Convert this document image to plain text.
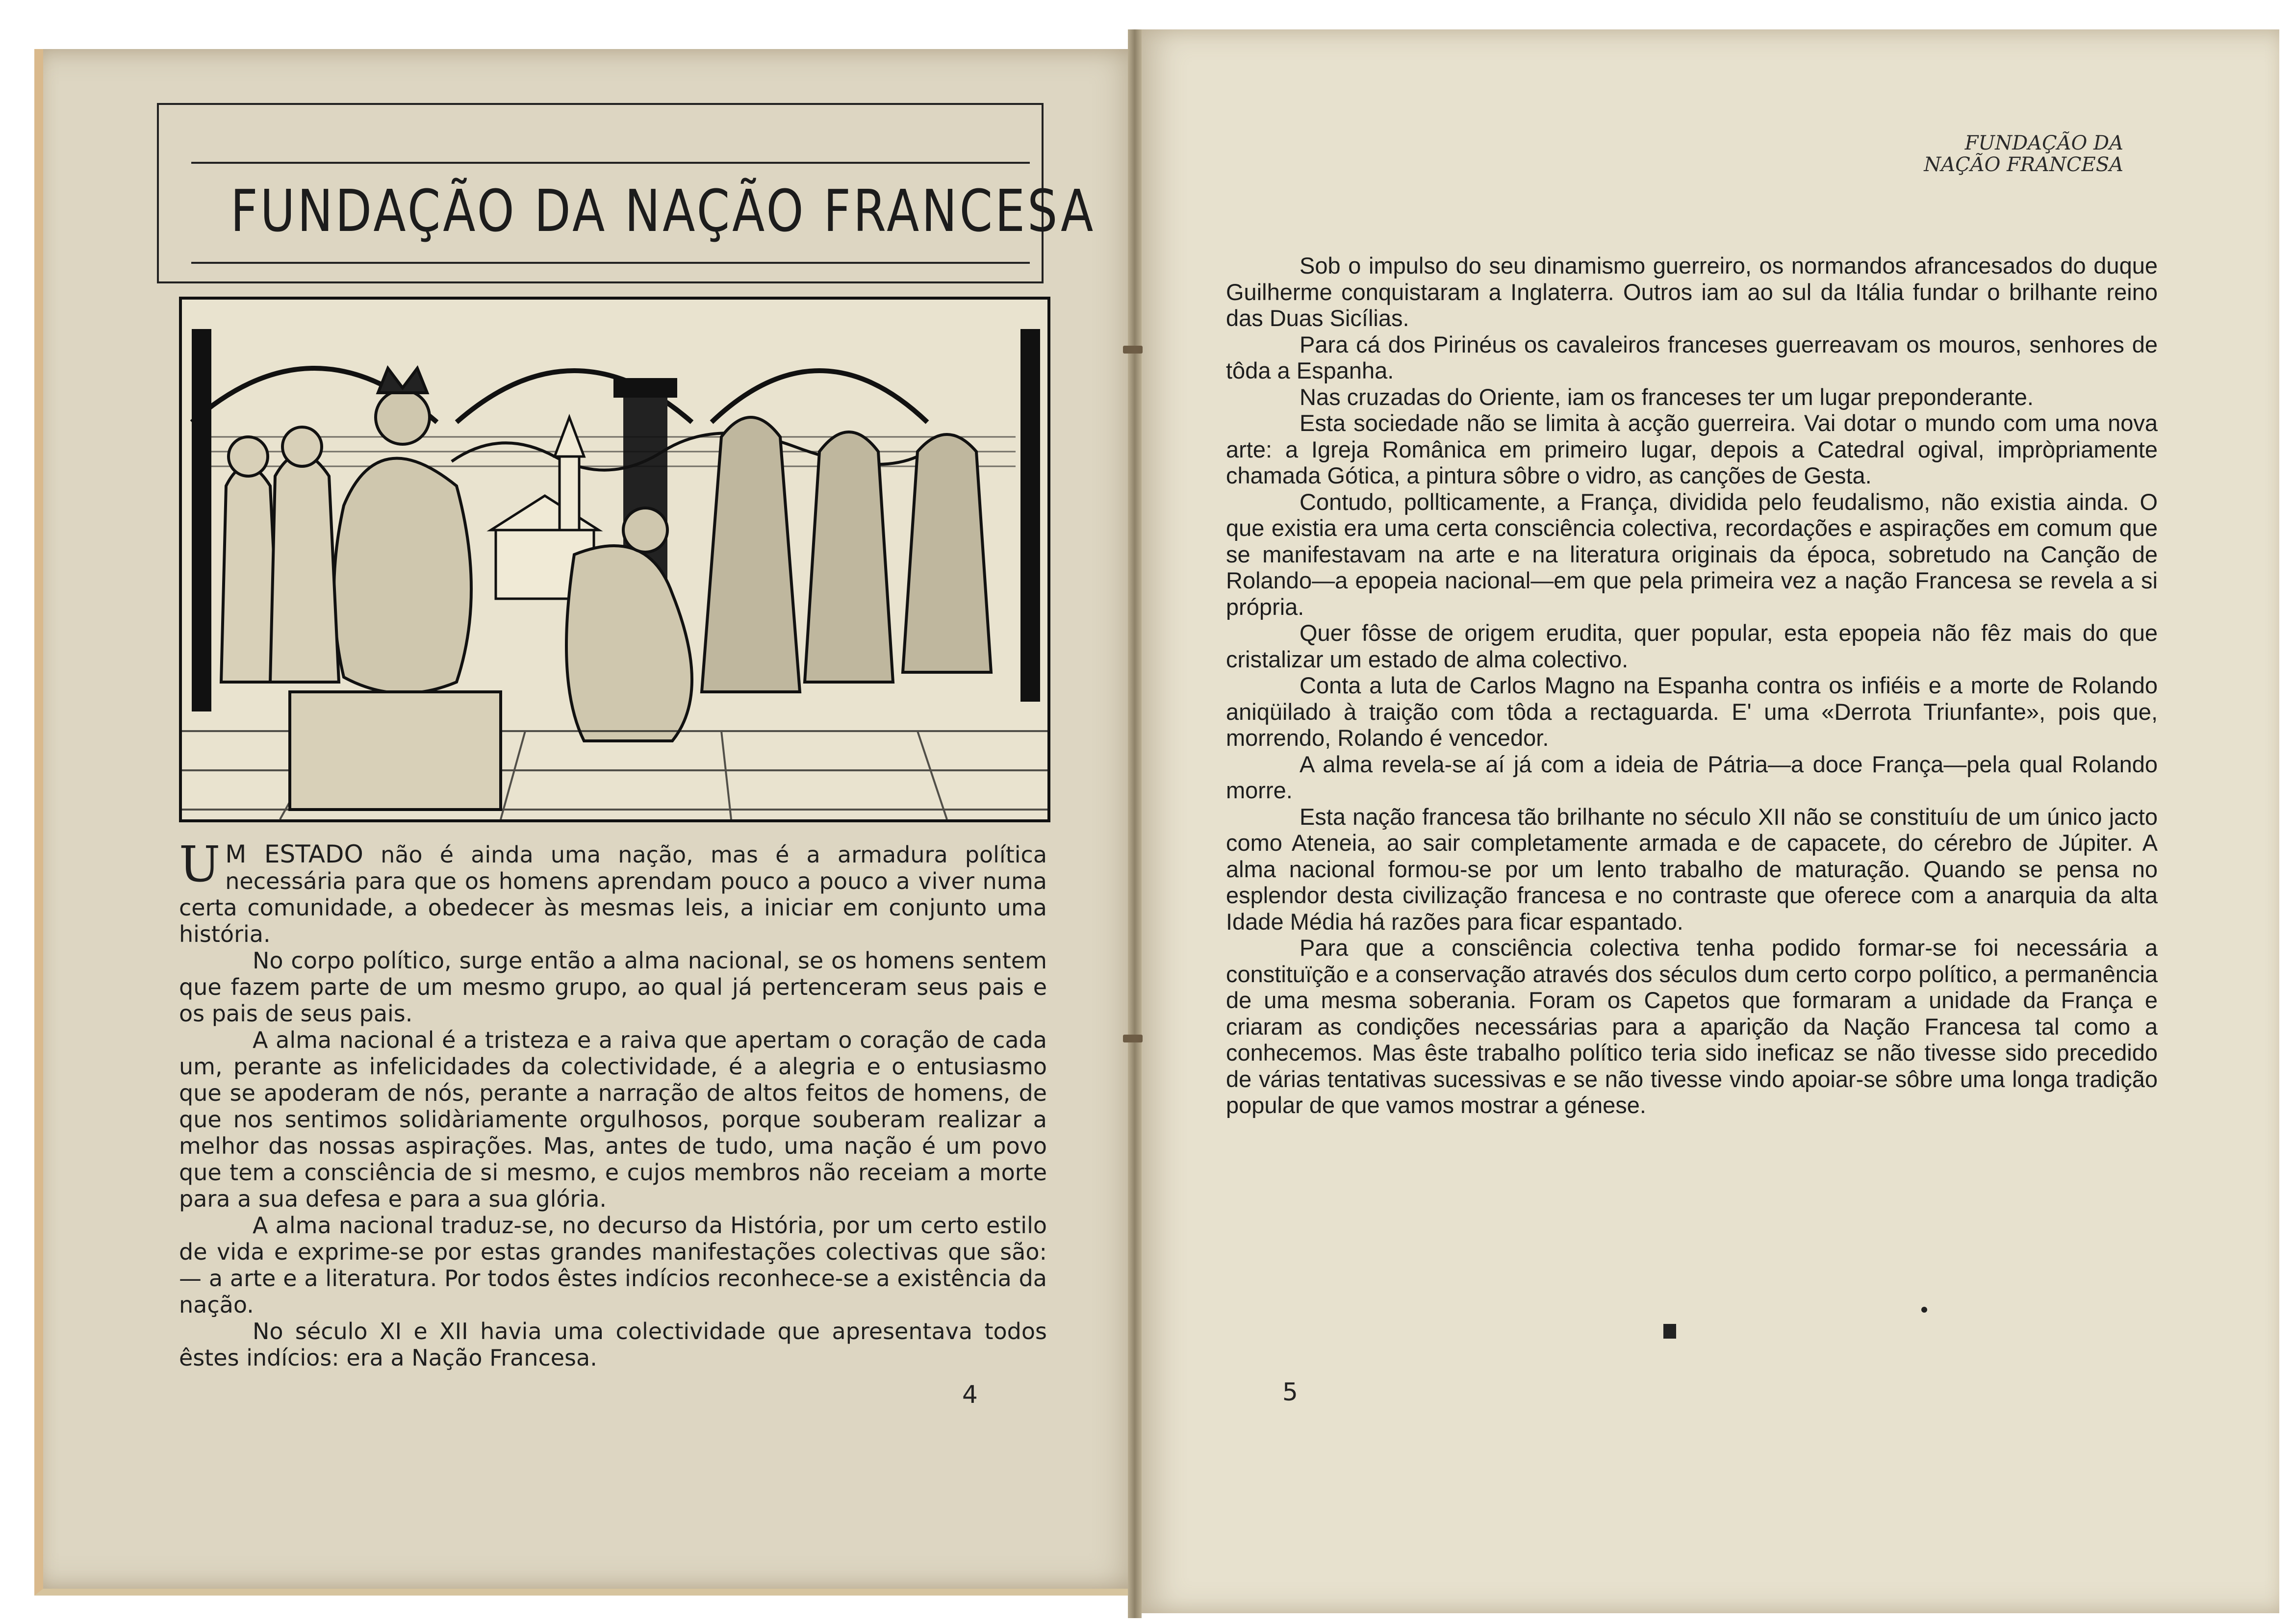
FUNDAÇÃO DA NAÇÃO FRANCESA

U M ESTADO não é ainda uma nação, mas é a armadura política necessária para que os homens aprendam pouco a pouco a viver numa certa comunidade, a obedecer às mesmas leis, a iniciar em conjunto uma história.

No corpo político, surge então a alma nacional, se os homens sentem que fazem parte de um mesmo grupo, ao qual já pertenceram seus pais e os pais de seus pais.

A alma nacional é a tristeza e a raiva que apertam o coração de cada um, perante as infelicidades da colectividade, é a alegria e o entusiasmo que se apoderam de nós, perante a narração de altos feitos de homens, de que nos sentimos solidàriamente orgulhosos, porque souberam realizar a melhor das nossas aspirações. Mas, antes de tudo, uma nação é um povo que tem a consciência de si mesmo, e cujos membros não receiam a morte para a sua defesa e para a sua glória.

A alma nacional traduz-se, no decurso da História, por um certo estilo de vida e exprime-se por estas grandes manifestações colectivas que são: — a arte e a literatura. Por todos êstes indícios reconhece-se a existência da nação.

No século XI e XII havia uma colectividade que apresentava todos êstes indícios: era a Nação Francesa.

4
FUNDAÇÃO DA
NAÇÃO FRANCESA

Sob o impulso do seu dinamismo guerreiro, os normandos afrancesados do duque Guilherme conquistaram a Inglaterra. Outros iam ao sul da Itália fundar o brilhante reino das Duas Sicílias.

Para cá dos Pirinéus os cavaleiros franceses guerreavam os mouros, senhores de tôda a Espanha.

Nas cruzadas do Oriente, iam os franceses ter um lugar preponderante.

Esta sociedade não se limita à acção guerreira. Vai dotar o mundo com uma nova arte: a Igreja Românica em primeiro lugar, depois a Catedral ogival, impròpriamente chamada Gótica, a pintura sôbre o vidro, as canções de Gesta.

Contudo, pollticamente, a França, dividida pelo feudalismo, não existia ainda. O que existia era uma certa consciência colectiva, recordações e aspirações em comum que se manifestavam na arte e na literatura originais da época, sobretudo na Canção de Rolando—a epopeia nacional—em que pela primeira vez a nação Francesa se revela a si própria.

Quer fôsse de origem erudita, quer popular, esta epopeia não fêz mais do que cristalizar um estado de alma colectivo.

Conta a luta de Carlos Magno na Espanha contra os infiéis e a morte de Rolando aniqüilado à traição com tôda a rectaguarda. E' uma «Derrota Triunfante», pois que, morrendo, Rolando é vencedor.

A alma revela-se aí já com a ideia de Pátria—a doce França—pela qual Rolando morre.

Esta nação francesa tão brilhante no século XII não se constituíu de um único jacto como Ateneia, ao sair completamente armada e de capacete, do cérebro de Júpiter. A alma nacional formou-se por um lento trabalho de maturação. Quando se pensa no esplendor desta civilização francesa e no contraste que oferece com a anarquia da alta Idade Média há razões para ficar espantado.

Para que a consciência colectiva tenha podido formar-se foi necessária a constituïção e a conservação através dos séculos dum certo corpo político, a permanência de uma mesma soberania. Foram os Capetos que formaram a unidade da França e criaram as condições necessárias para a aparição da Nação Francesa tal como a conhecemos. Mas êste trabalho político teria sido ineficaz se não tivesse sido precedido de várias tentativas sucessivas e se não tivesse vindo apoiar-se sôbre uma longa tradição popular de que vamos mostrar a génese.

5
